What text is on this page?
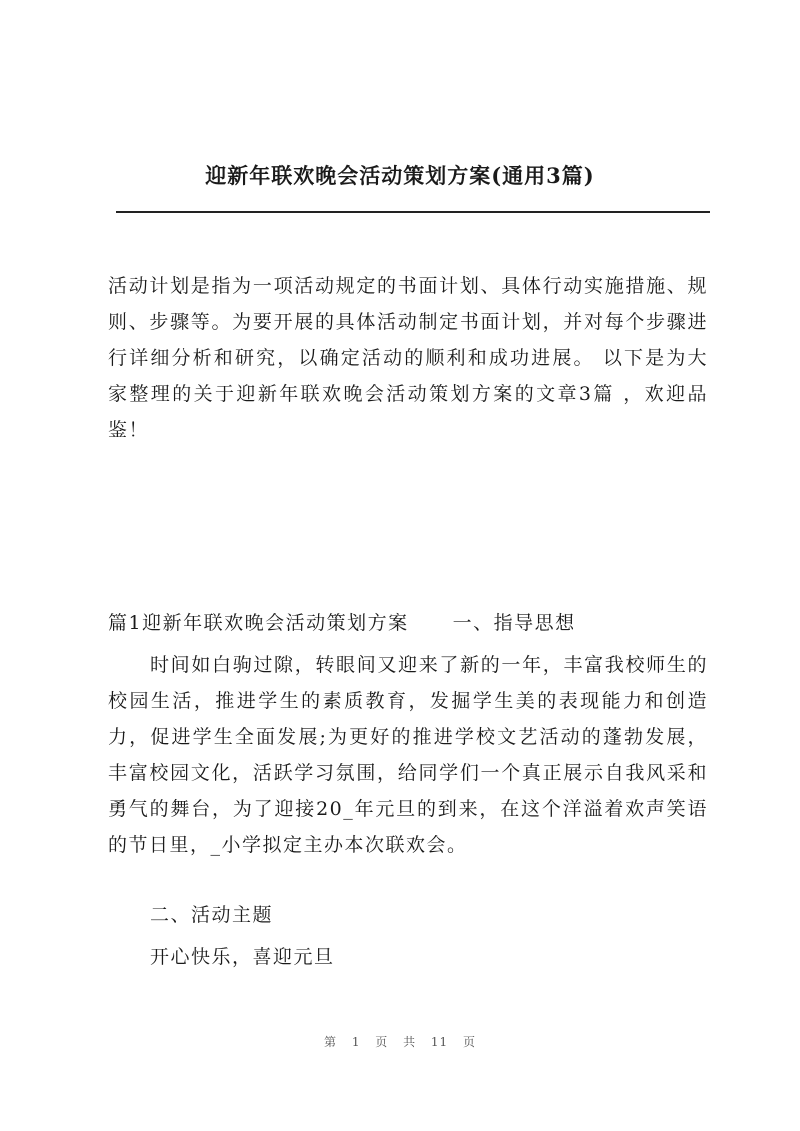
迎新年联欢晚会活动策划方案(通用3篇)

活动计划是指为一项活动规定的书面计划、具体行动实施措施、规则、步骤等。为要开展的具体活动制定书面计划，并对每个步骤进行详细分析和研究，以确定活动的顺利和成功进展。 以下是为大家整理的关于迎新年联欢晚会活动策划方案的文章3篇 ，欢迎品鉴！

篇1迎新年联欢晚会活动策划方案 一、指导思想

时间如白驹过隙，转眼间又迎来了新的一年，丰富我校师生的校园生活，推进学生的素质教育，发掘学生美的表现能力和创造力，促进学生全面发展;为更好的推进学校文艺活动的蓬勃发展，丰富校园文化，活跃学习氛围，给同学们一个真正展示自我风采和勇气的舞台，为了迎接20_年元旦的到来，在这个洋溢着欢声笑语的节日里，_小学拟定主办本次联欢会。

二、活动主题

开心快乐，喜迎元旦

第 1 页 共 11 页
